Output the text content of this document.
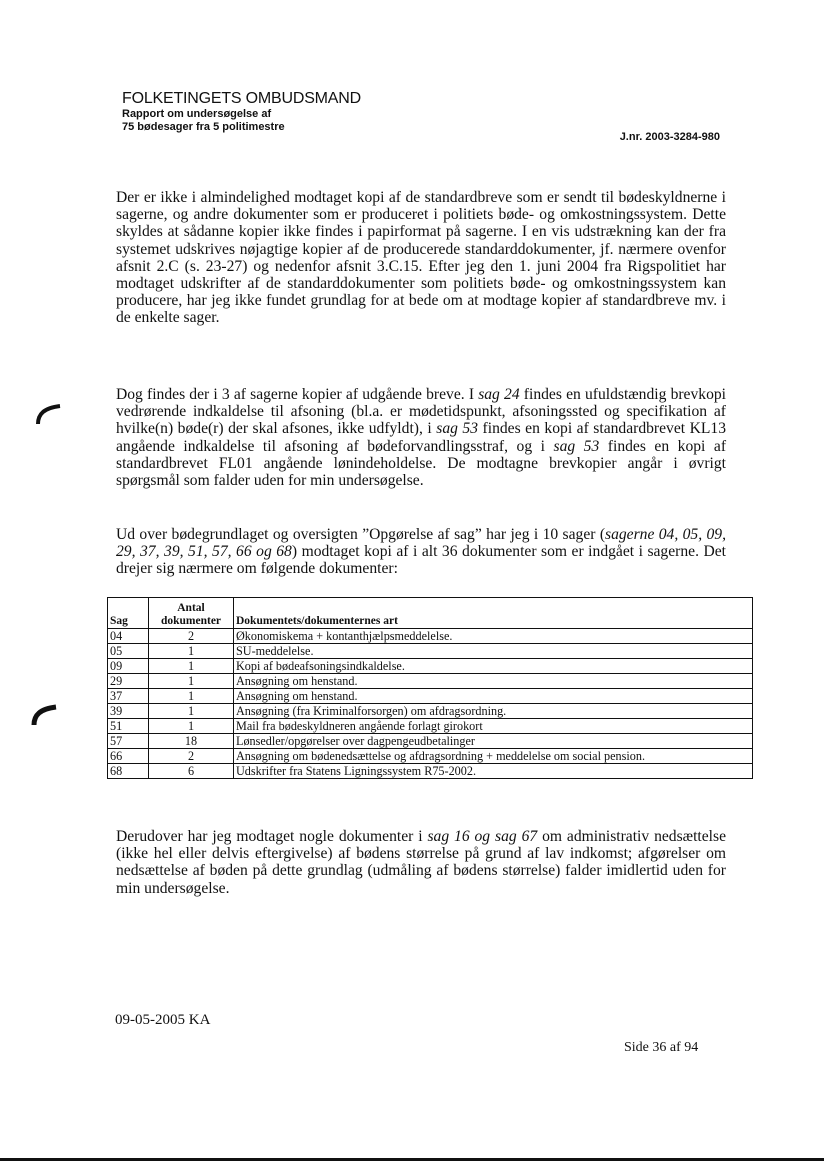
FOLKETINGETS OMBUDSMAND
Rapport om undersøgelse af
75 bødesager fra 5 politimestre
J.nr. 2003-3284-980

Der er ikke i almindelighed modtaget kopi af de standardbreve som er sendt til bødeskyldnerne i sagerne, og andre dokumenter som er produceret i politiets bøde- og omkostningssystem. Dette skyldes at sådanne kopier ikke findes i papirformat på sagerne. I en vis udstrækning kan der fra systemet udskrives nøjagtige kopier af de producerede standarddokumenter, jf. nærmere ovenfor afsnit 2.C (s. 23-27) og nedenfor afsnit 3.C.15. Efter jeg den 1. juni 2004 fra Rigspolitiet har modtaget udskrifter af de standarddokumenter som politiets bøde- og omkostningssystem kan producere, har jeg ikke fundet grundlag for at bede om at modtage kopier af standardbreve mv. i de enkelte sager.

Dog findes der i 3 af sagerne kopier af udgående breve. I sag 24 findes en ufuldstændig brevkopi vedrørende indkaldelse til afsoning (bl.a. er mødetidspunkt, afsoningssted og specifikation af hvilke(n) bøde(r) der skal afsones, ikke udfyldt), i sag 53 findes en kopi af standardbrevet KL13 angående indkaldelse til afsoning af bødeforvandlingsstraf, og i sag 53 findes en kopi af standardbrevet FL01 angående lønindeholdelse. De modtagne brevkopier angår i øvrigt spørgsmål som falder uden for min undersøgelse.

Ud over bødegrundlaget og oversigten ”Opgørelse af sag” har jeg i 10 sager (sagerne 04, 05, 09, 29, 37, 39, 51, 57, 66 og 68) modtaget kopi af i alt 36 dokumenter som er indgået i sagerne. Det drejer sig nærmere om følgende dokumenter:

Sag	Antal dokumenter	Dokumentets/dokumenternes art
04	2	Økonomiskema + kontanthjælpsmeddelelse.
05	1	SU-meddelelse.
09	1	Kopi af bødeafsoningsindkaldelse.
29	1	Ansøgning om henstand.
37	1	Ansøgning om henstand.
39	1	Ansøgning (fra Kriminalforsorgen) om afdragsordning.
51	1	Mail fra bødeskyldneren angående forlagt girokort
57	18	Lønsedler/opgørelser over dagpengeudbetalinger
66	2	Ansøgning om bødenedsættelse og afdragsordning + meddelelse om social pension.
68	6	Udskrifter fra Statens Ligningssystem R75-2002.
09-05-2005 KA
Side 36 af 94

Derudover har jeg modtaget nogle dokumenter i sag 16 og sag 67 om administrativ nedsættelse (ikke hel eller delvis eftergivelse) af bødens størrelse på grund af lav indkomst; afgørelser om nedsættelse af bøden på dette grundlag (udmåling af bødens størrelse) falder imidlertid uden for min undersøgelse.
